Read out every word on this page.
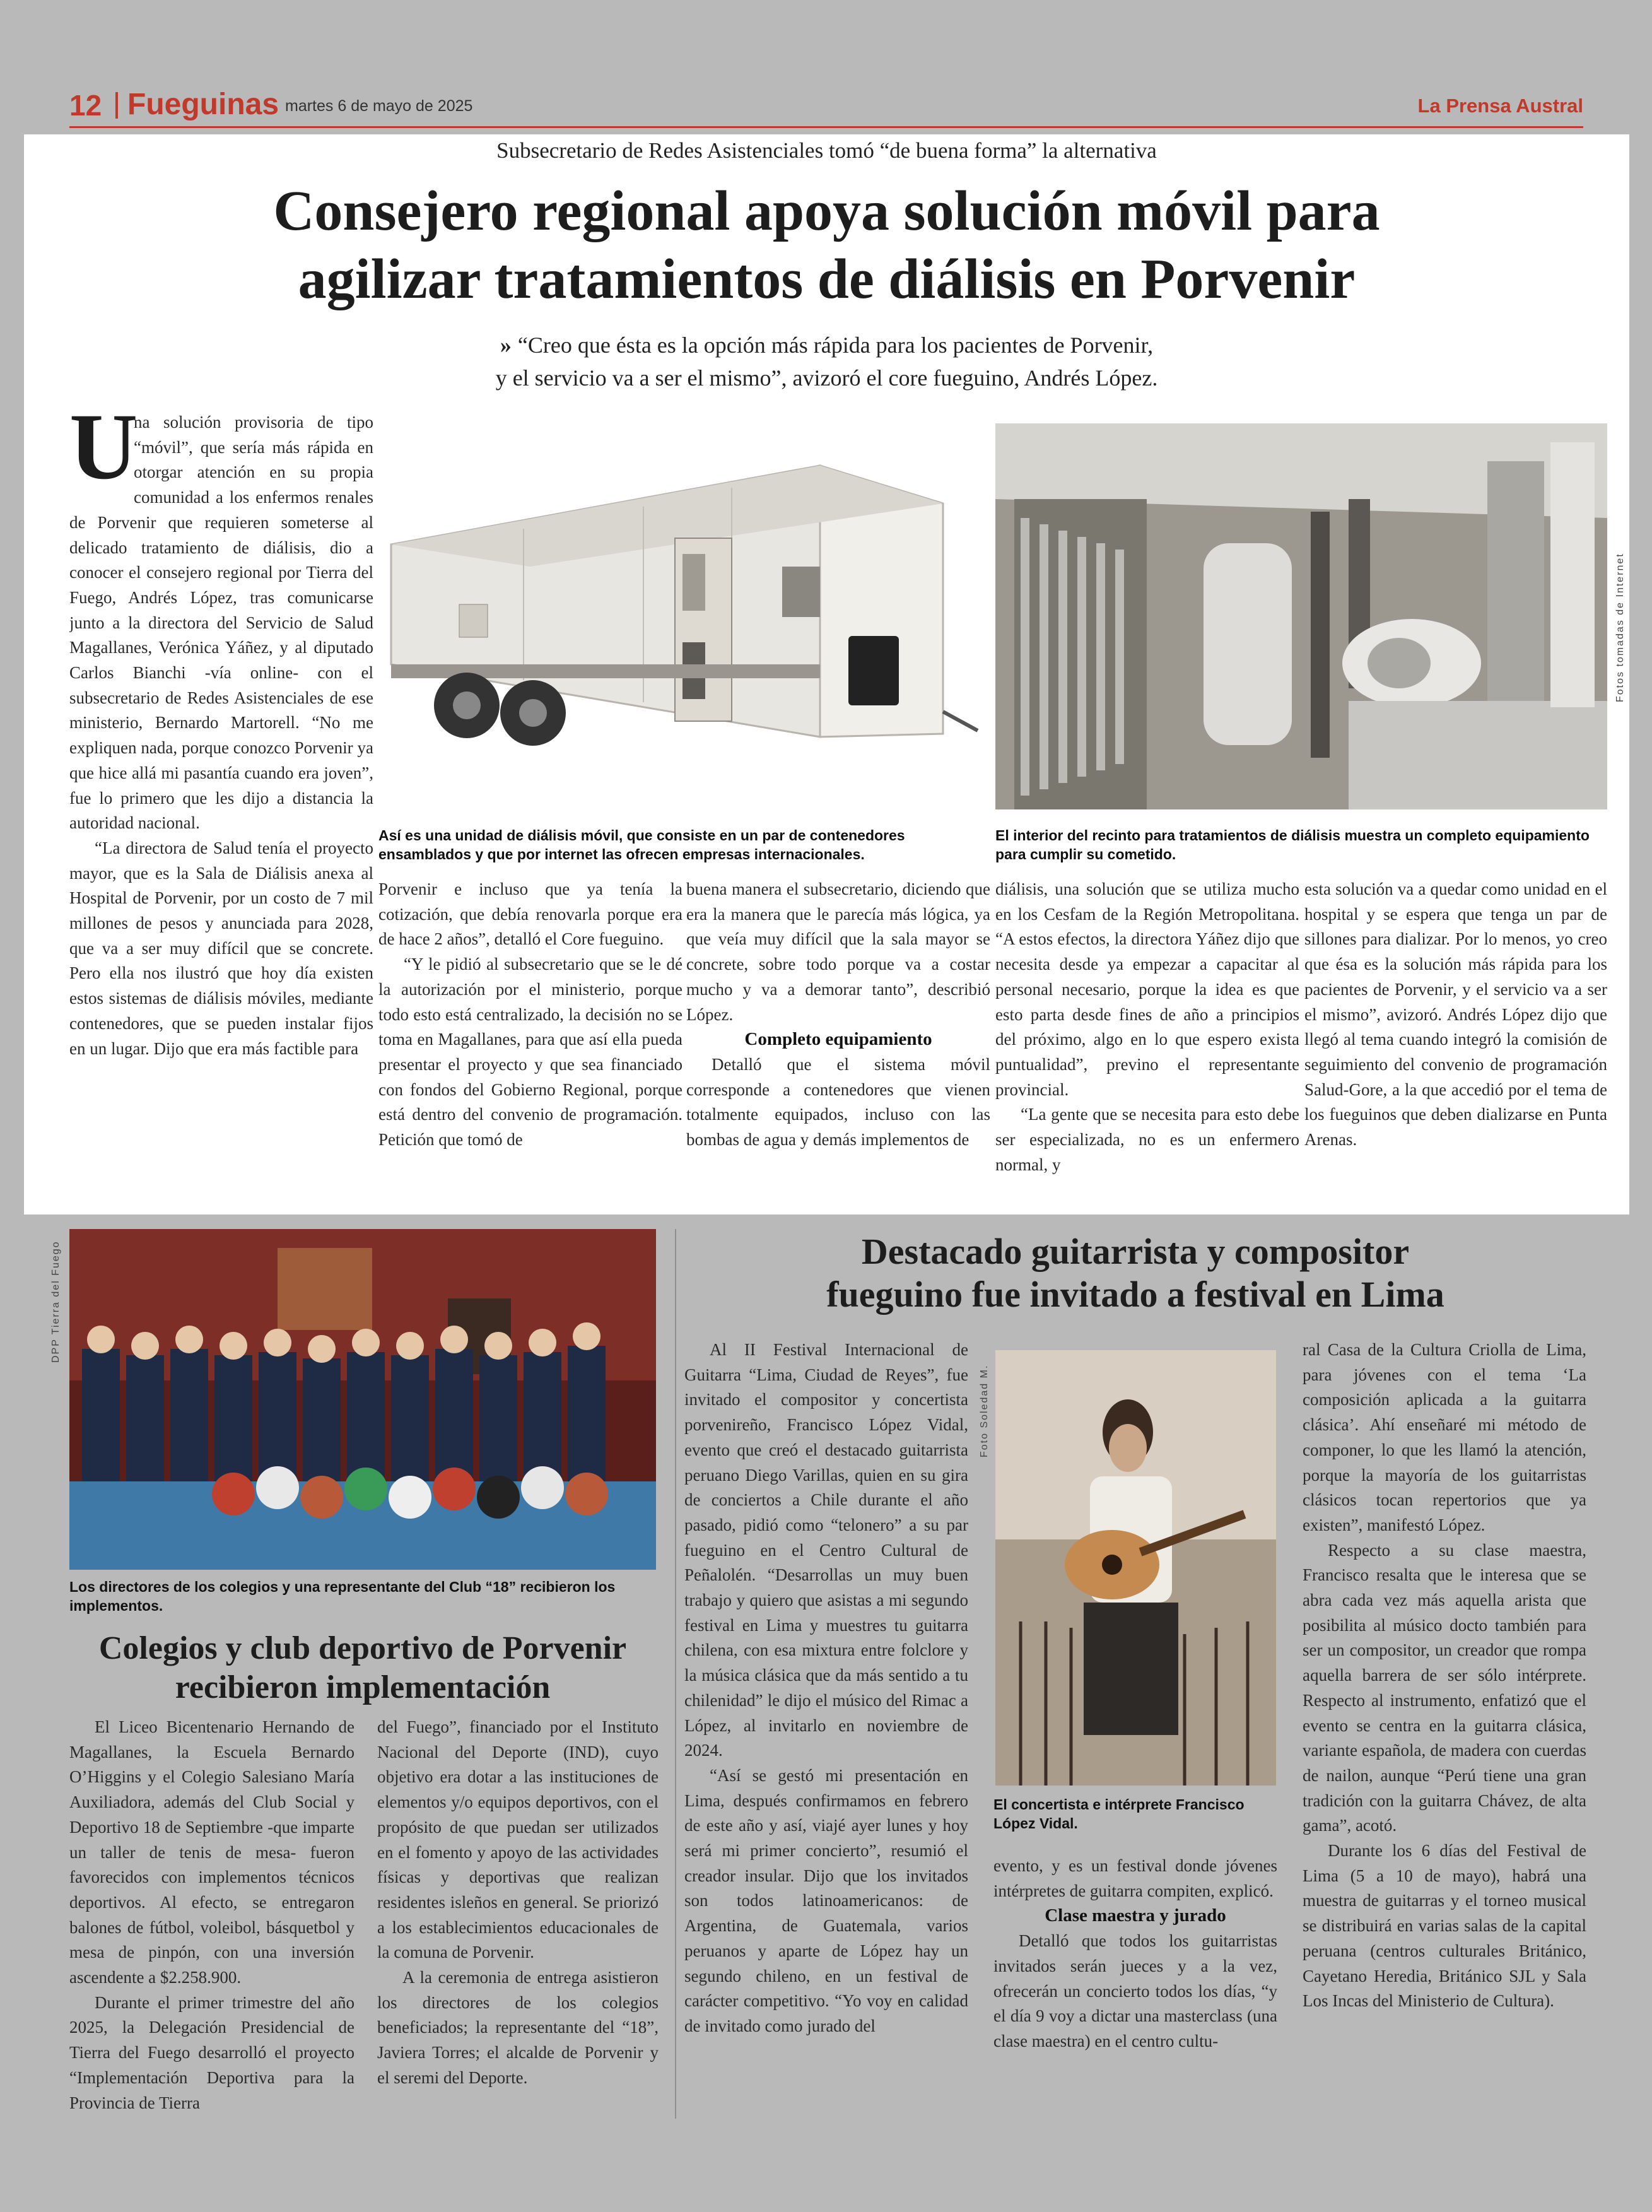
12 Fueguinas martes 6 de mayo de 2025	La Prensa Austral
Subsecretario de Redes Asistenciales tomó “de buena forma” la alternativa
Consejero regional apoya solución móvil para
agilizar tratamientos de diálisis en Porvenir
» “Creo que ésta es la opción más rápida para los pacientes de Porvenir,
y el servicio va a ser el mismo”, avizoró el core fueguino, Andrés López.
Fotos tomadas de Internet
Así es una unidad de diálisis móvil, que consiste en un par de contenedores ensamblados y que por internet las ofrecen empresas internacionales.
El interior del recinto para tratamientos de diálisis muestra un completo equipamiento para cumplir su cometido.
U

na solución provisoria de tipo “móvil”, que sería más rápida en otorgar atención en su propia comunidad a los enfermos renales de Porvenir que requieren someterse al delicado tratamiento de diálisis, dio a conocer el consejero regional por Tierra del Fuego, Andrés López, tras comunicarse junto a la directora del Servicio de Salud Magallanes, Verónica Yáñez, y al diputado Carlos Bianchi -vía online- con el subsecretario de Redes Asistenciales de ese ministerio, Bernardo Martorell. “No me expliquen nada, porque conozco Porvenir ya que hice allá mi pasantía cuando era joven”, fue lo primero que les dijo a distancia la autoridad nacional.

“La directora de Salud tenía el proyecto mayor, que es la Sala de Diálisis anexa al Hospital de Porvenir, por un costo de 7 mil millones de pesos y anunciada para 2028, que va a ser muy difícil que se concrete. Pero ella nos ilustró que hoy día existen estos sistemas de diálisis móviles, mediante contenedores, que se pueden instalar fijos en un lugar. Dijo que era más factible para

Porvenir e incluso que ya tenía la cotización, que debía renovarla porque era de hace 2 años”, detalló el Core fueguino.

“Y le pidió al subsecretario que se le dé la autorización por el ministerio, porque todo esto está centralizado, la decisión no se toma en Magallanes, para que así ella pueda presentar el proyecto y que sea financiado con fondos del Gobierno Regional, porque está dentro del convenio de programación. Petición que tomó de

buena manera el subsecretario, diciendo que era la manera que le parecía más lógica, ya que veía muy difícil que la sala mayor se concrete, sobre todo porque va a costar mucho y va a demorar tanto”, describió López.

Completo equipamiento

Detalló que el sistema móvil corresponde a contenedores que vienen totalmente equipados, incluso con las bombas de agua y demás implementos de

diálisis, una solución que se utiliza mucho en los Cesfam de la Región Metropolitana. “A estos efectos, la directora Yáñez dijo que necesita desde ya empezar a capacitar al personal necesario, porque la idea es que esto parta desde fines de año a principios del próximo, algo en lo que espero exista puntualidad”, previno el representante provincial.

“La gente que se necesita para esto debe ser especializada, no es un enfermero normal, y

esta solución va a quedar como unidad en el hospital y se espera que tenga un par de sillones para dializar. Por lo menos, yo creo que ésa es la solución más rápida para los pacientes de Porvenir, y el servicio va a ser el mismo”, avizoró. Andrés López dijo que llegó al tema cuando integró la comisión de seguimiento del convenio de programación Salud-Gore, a la que accedió por el tema de los fueguinos que deben dializarse en Punta Arenas.

DPP Tierra del Fuego
Los directores de los colegios y una representante del Club “18” recibieron los implementos.
Colegios y club deportivo de Porvenir
recibieron implementación

El Liceo Bicentenario Hernando de Magallanes, la Escuela Bernardo O’Higgins y el Colegio Salesiano María Auxiliadora, además del Club Social y Deportivo 18 de Septiembre -que imparte un taller de tenis de mesa- fueron favorecidos con implementos técnicos deportivos. Al efecto, se entregaron balones de fútbol, voleibol, básquetbol y mesa de pinpón, con una inversión ascendente a $2.258.900.

Durante el primer trimestre del año 2025, la Delegación Presidencial de Tierra del Fuego desarrolló el proyecto “Implementación Deportiva para la Provincia de Tierra

del Fuego”, financiado por el Instituto Nacional del Deporte (IND), cuyo objetivo era dotar a las instituciones de elementos y/o equipos deportivos, con el propósito de que puedan ser utilizados en el fomento y apoyo de las actividades físicas y deportivas que realizan residentes isleños en general. Se priorizó a los establecimientos educacionales de la comuna de Porvenir.

A la ceremonia de entrega asistieron los directores de los colegios beneficiados; la representante del “18”, Javiera Torres; el alcalde de Porvenir y el seremi del Deporte.

Destacado guitarrista y compositor
fueguino fue invitado a festival en Lima

Al II Festival Internacional de Guitarra “Lima, Ciudad de Reyes”, fue invitado el compositor y concertista porvenireño, Francisco López Vidal, evento que creó el destacado guitarrista peruano Diego Varillas, quien en su gira de conciertos a Chile durante el año pasado, pidió como “telonero” a su par fueguino en el Centro Cultural de Peñalolén. “Desarrollas un muy buen trabajo y quiero que asistas a mi segundo festival en Lima y muestres tu guitarra chilena, con esa mixtura entre folclore y la música clásica que da más sentido a tu chilenidad” le dijo el músico del Rimac a López, al invitarlo en noviembre de 2024.

“Así se gestó mi presentación en Lima, después confirmamos en febrero de este año y así, viajé ayer lunes y hoy será mi primer concierto”, resumió el creador insular. Dijo que los invitados son todos latinoamericanos: de Argentina, de Guatemala, varios peruanos y aparte de López hay un segundo chileno, en un festival de carácter competitivo. “Yo voy en calidad de invitado como jurado del

Foto Soledad M.
El concertista e intérprete Francisco López Vidal.

evento, y es un festival donde jóvenes intérpretes de guitarra compiten, explicó.

Clase maestra y jurado

Detalló que todos los guitarristas invitados serán jueces y a la vez, ofrecerán un concierto todos los días, “y el día 9 voy a dictar una masterclass (una clase maestra) en el centro cultu-

ral Casa de la Cultura Criolla de Lima, para jóvenes con el tema ‘La composición aplicada a la guitarra clásica’. Ahí enseñaré mi método de componer, lo que les llamó la atención, porque la mayoría de los guitarristas clásicos tocan repertorios que ya existen”, manifestó López.

Respecto a su clase maestra, Francisco resalta que le interesa que se abra cada vez más aquella arista que posibilita al músico docto también para ser un compositor, un creador que rompa aquella barrera de ser sólo intérprete. Respecto al instrumento, enfatizó que el evento se centra en la guitarra clásica, variante española, de madera con cuerdas de nailon, aunque “Perú tiene una gran tradición con la guitarra Chávez, de alta gama”, acotó.

Durante los 6 días del Festival de Lima (5 a 10 de mayo), habrá una muestra de guitarras y el torneo musical se distribuirá en varias salas de la capital peruana (centros culturales Británico, Cayetano Heredia, Británico SJL y Sala Los Incas del Ministerio de Cultura).
